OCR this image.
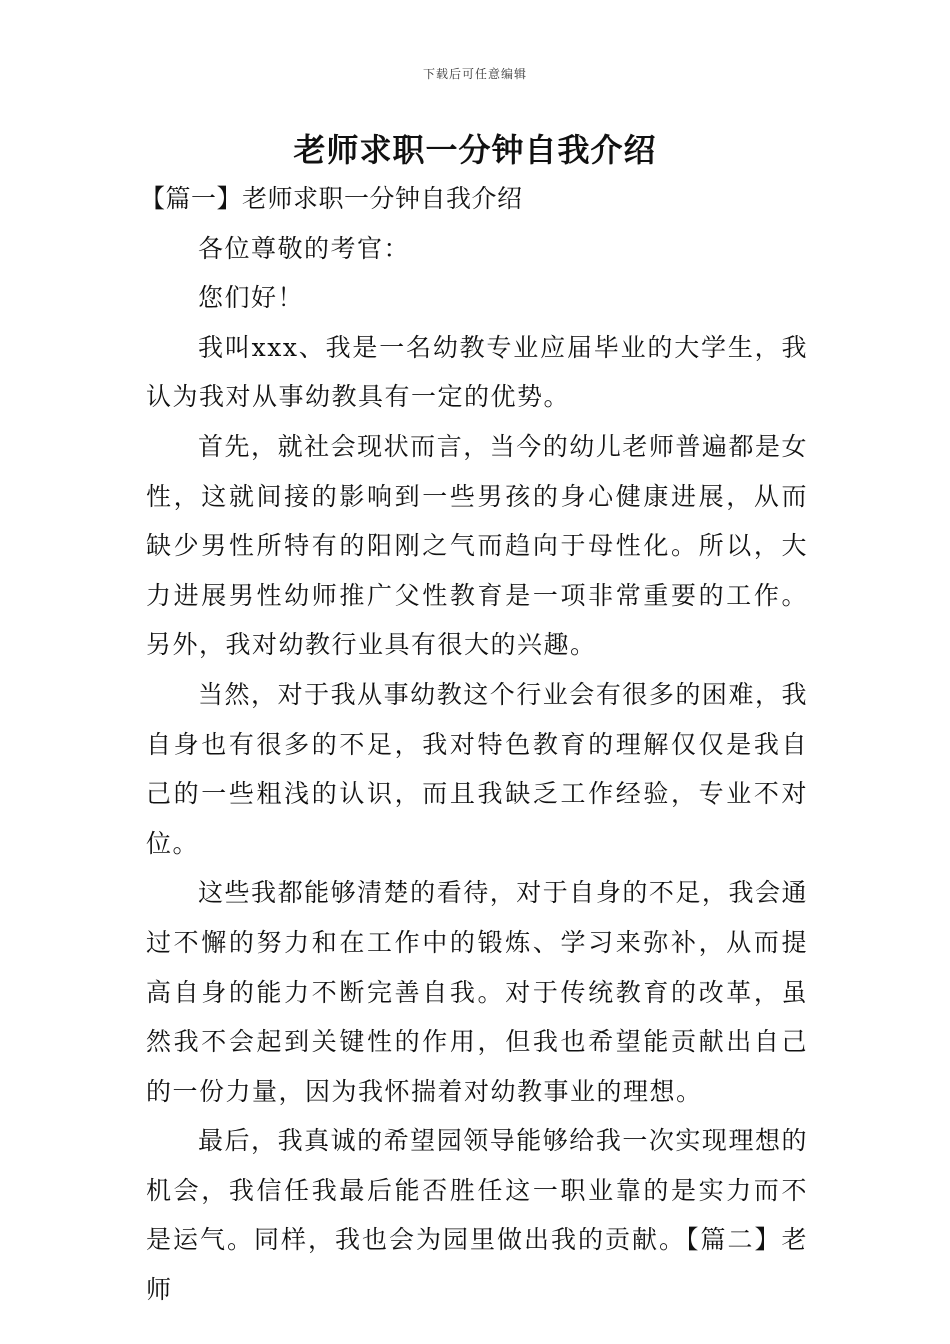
下载后可任意编辑
老师求职一分钟自我介绍

【篇一】老师求职一分钟自我介绍

各位尊敬的考官：

您们好！

我叫xxx、我是一名幼教专业应届毕业的大学生，我认为我对从事幼教具有一定的优势。

首先，就社会现状而言，当今的幼儿老师普遍都是女性，这就间接的影响到一些男孩的身心健康进展，从而缺少男性所特有的阳刚之气而趋向于母性化。所以，大力进展男性幼师推广父性教育是一项非常重要的工作。另外，我对幼教行业具有很大的兴趣。

当然，对于我从事幼教这个行业会有很多的困难，我自身也有很多的不足，我对特色教育的理解仅仅是我自己的一些粗浅的认识，而且我缺乏工作经验，专业不对位。

这些我都能够清楚的看待，对于自身的不足，我会通过不懈的努力和在工作中的锻炼、学习来弥补，从而提高自身的能力不断完善自我。对于传统教育的改革，虽然我不会起到关键性的作用，但我也希望能贡献出自己的一份力量，因为我怀揣着对幼教事业的理想。

最后，我真诚的希望园领导能够给我一次实现理想的机会，我信任我最后能否胜任这一职业靠的是实力而不是运气。同样，我也会为园里做出我的贡献。【篇二】老师
